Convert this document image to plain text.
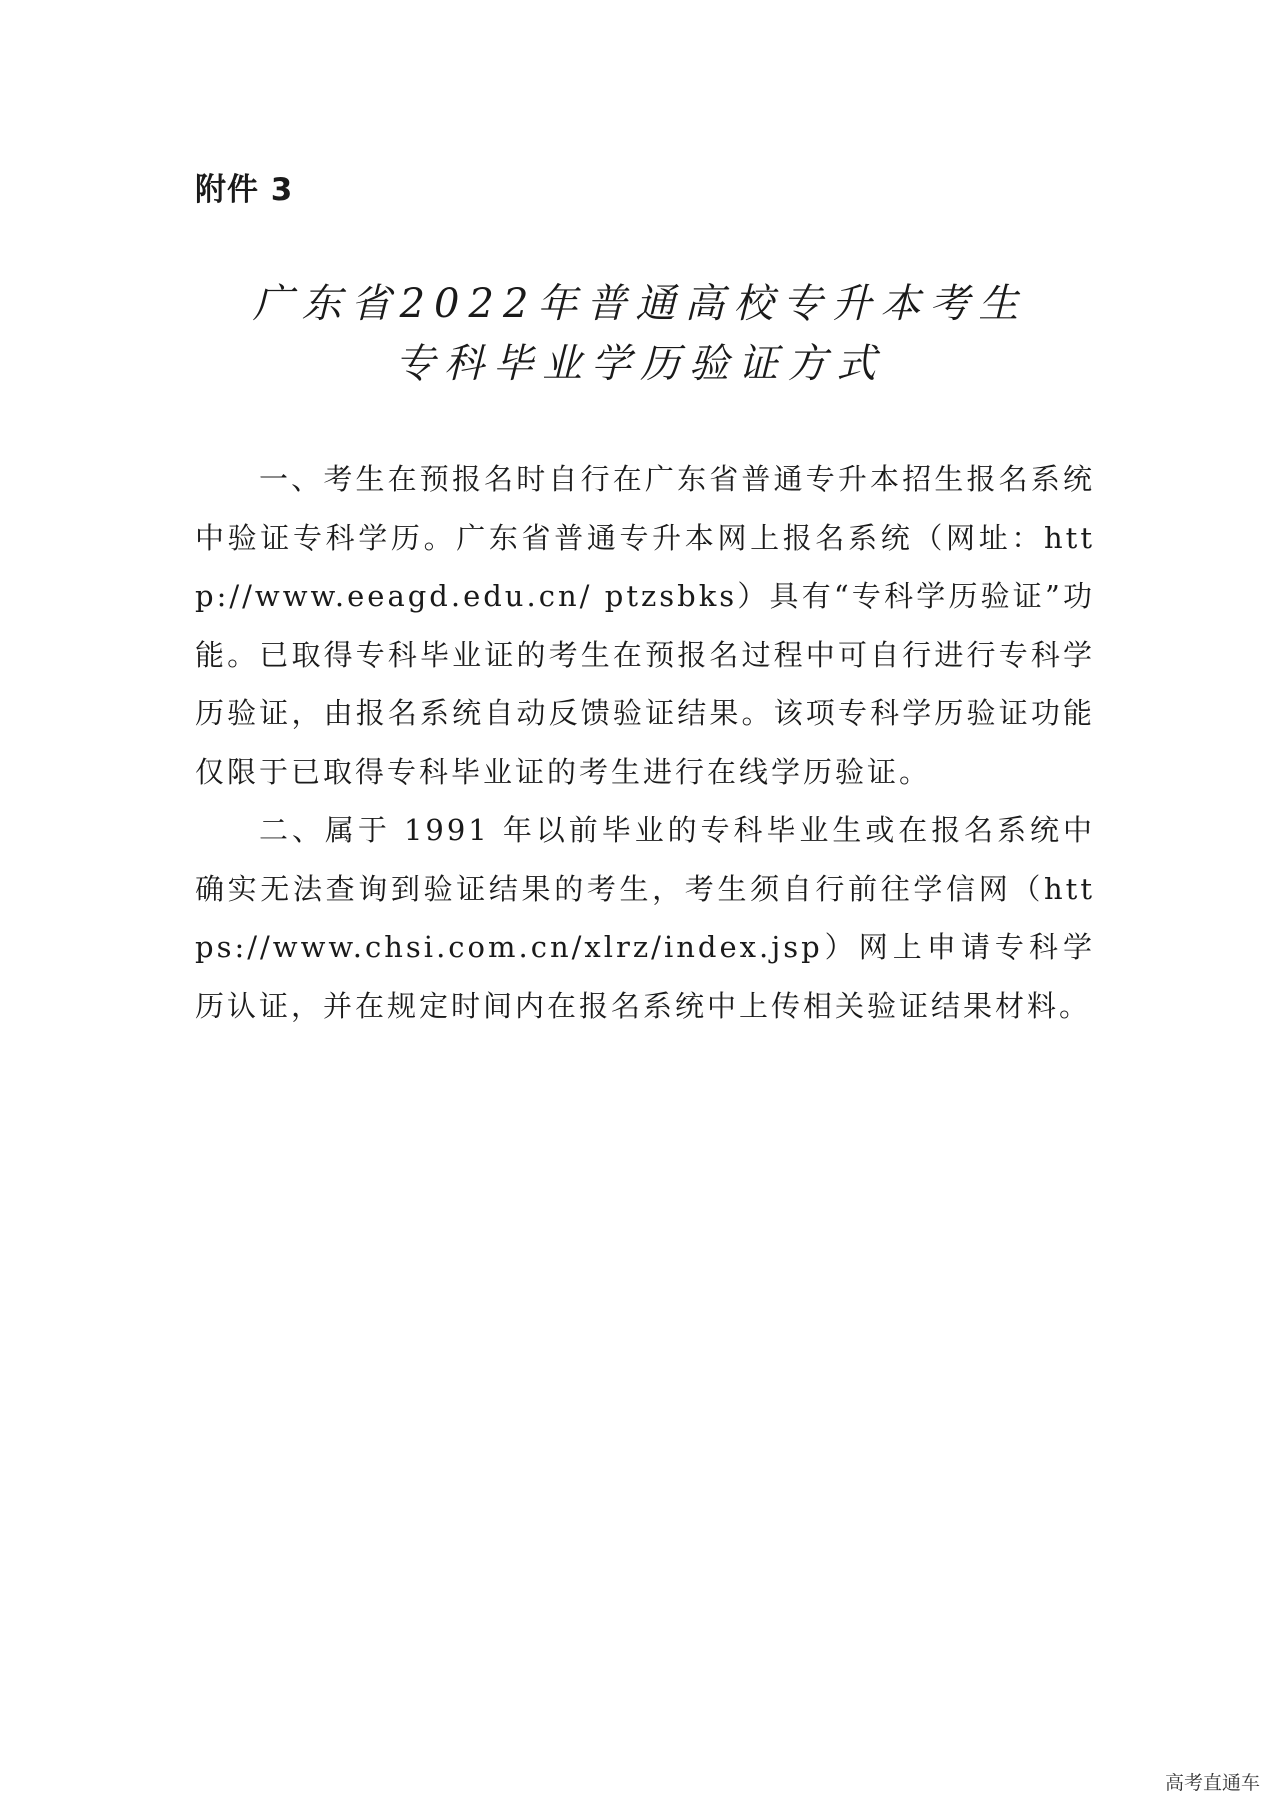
附件 3
广东省2022年普通高校专升本考生
专科毕业学历验证方式

一、考生在预报名时自行在广东省普通专升本招生报名系统中验证专科学历。广东省普通专升本网上报名系统（网址：http://www.eeagd.edu.cn/ ptzsbks）具有“专科学历验证”功能。已取得专科毕业证的考生在预报名过程中可自行进行专科学历验证，由报名系统自动反馈验证结果。该项专科学历验证功能仅限于已取得专科毕业证的考生进行在线学历验证。

二、属于 1991 年以前毕业的专科毕业生或在报名系统中确实无法查询到验证结果的考生，考生须自行前往学信网（https://www.chsi.com.cn/xlrz/index.jsp）网上申请专科学历认证，并在规定时间内在报名系统中上传相关验证结果材料。

高考直通车
